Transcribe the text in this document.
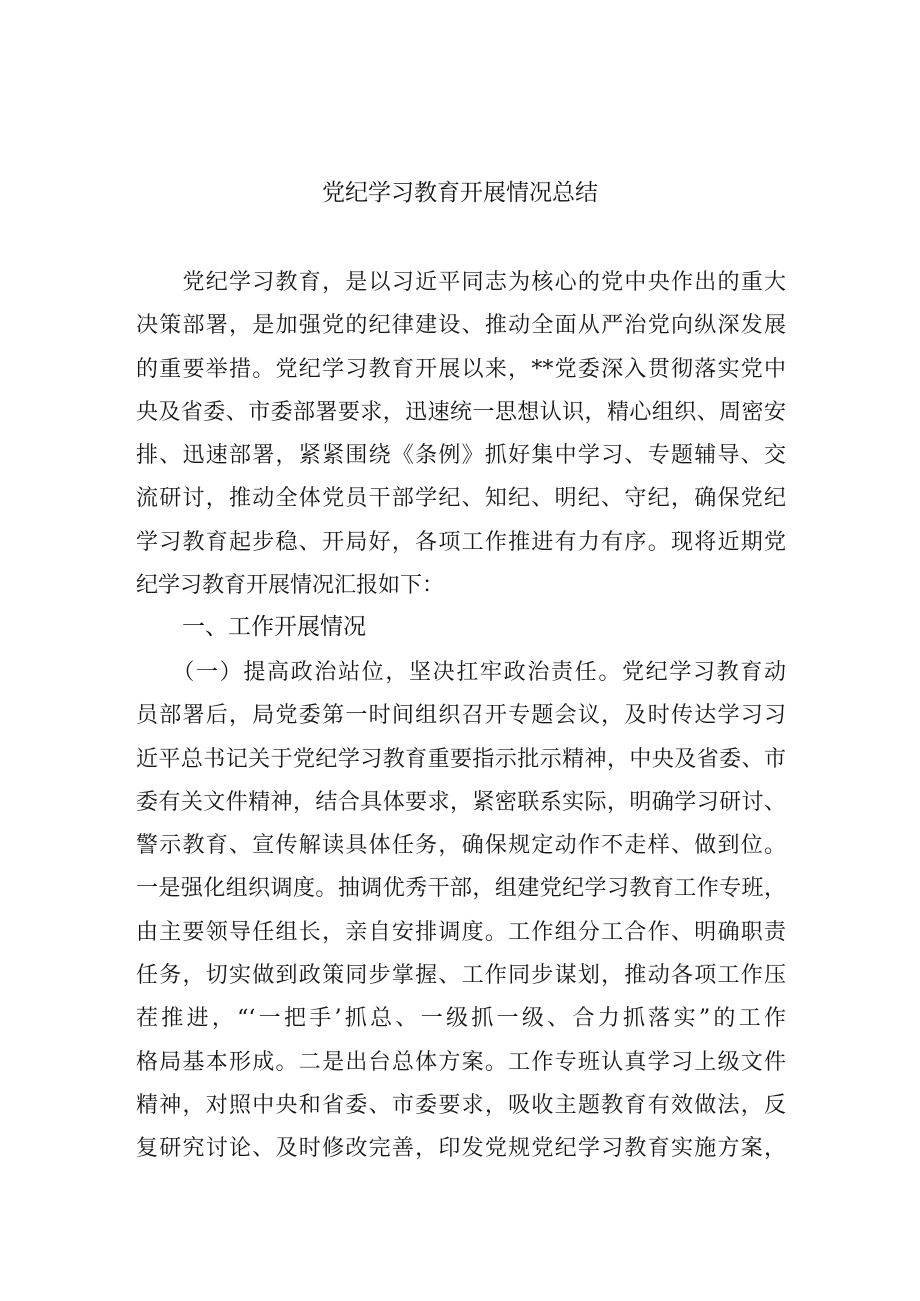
党纪学习教育开展情况总结
　　党纪学习教育，是以习近平同志为核心的党中央作出的重大
决策部署，是加强党的纪律建设、推动全面从严治党向纵深发展
的重要举措。党纪学习教育开展以来，**党委深入贯彻落实党中
央及省委、市委部署要求，迅速统一思想认识，精心组织、周密安
排、迅速部署，紧紧围绕《条例》抓好集中学习、专题辅导、交
流研讨，推动全体党员干部学纪、知纪、明纪、守纪，确保党纪
学习教育起步稳、开局好，各项工作推进有力有序。现将近期党
纪学习教育开展情况汇报如下：
一、工作开展情况
　　（一）提高政治站位，坚决扛牢政治责任。党纪学习教育动
员部署后，局党委第一时间组织召开专题会议，及时传达学习习
近平总书记关于党纪学习教育重要指示批示精神，中央及省委、市
委有关文件精神，结合具体要求，紧密联系实际，明确学习研讨、
警示教育、宣传解读具体任务，确保规定动作不走样、做到位。
一是强化组织调度。抽调优秀干部，组建党纪学习教育工作专班，
由主要领导任组长，亲自安排调度。工作组分工合作、明确职责
任务，切实做到政策同步掌握、工作同步谋划，推动各项工作压
茬推进，“‘一把手’抓总、一级抓一级、合力抓落实”的工作
格局基本形成。二是出台总体方案。工作专班认真学习上级文件
精神，对照中央和省委、市委要求，吸收主题教育有效做法，反
复研究讨论、及时修改完善，印发党规党纪学习教育实施方案，
